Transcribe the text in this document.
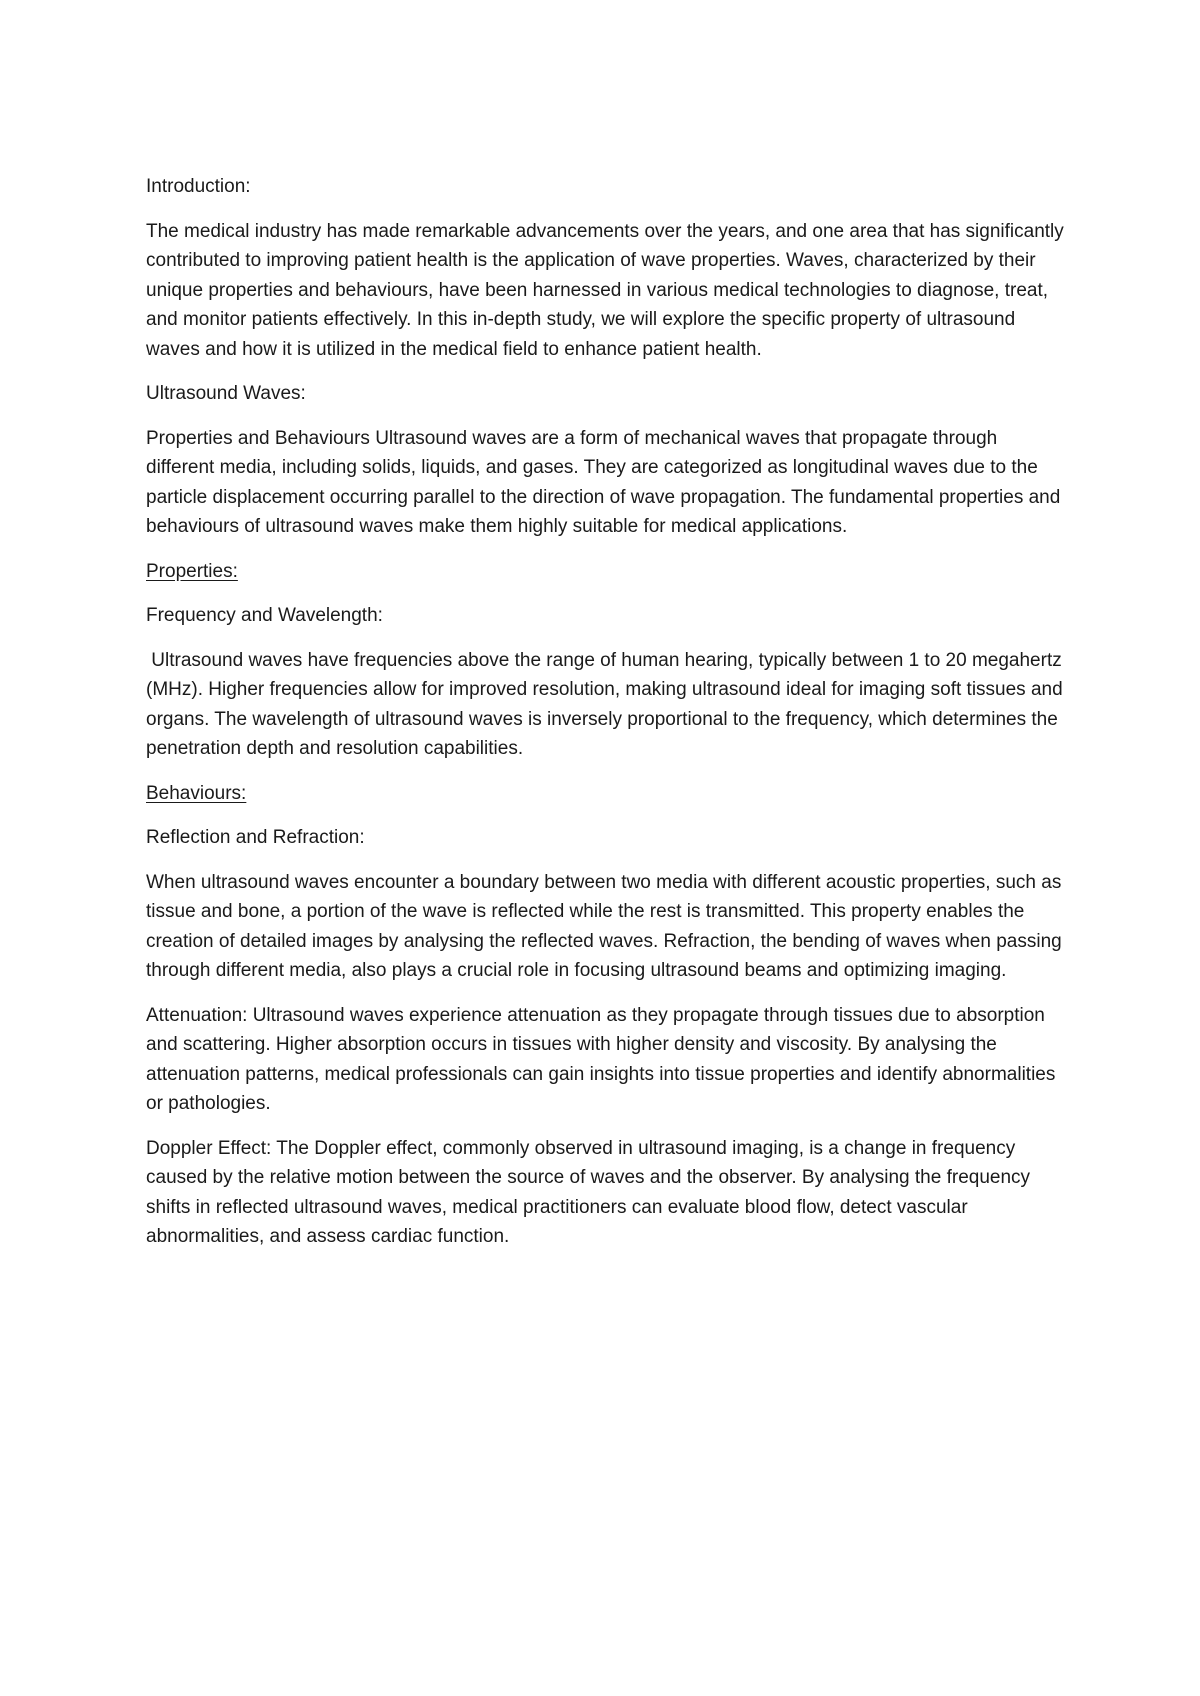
Introduction:

The medical industry has made remarkable advancements over the years, and one area that has significantly contributed to improving patient health is the application of wave properties. Waves, characterized by their unique properties and behaviours, have been harnessed in various medical technologies to diagnose, treat, and monitor patients effectively. In this in-depth study, we will explore the specific property of ultrasound waves and how it is utilized in the medical field to enhance patient health.

Ultrasound Waves:

Properties and Behaviours Ultrasound waves are a form of mechanical waves that propagate through different media, including solids, liquids, and gases. They are categorized as longitudinal waves due to the particle displacement occurring parallel to the direction of wave propagation. The fundamental properties and behaviours of ultrasound waves make them highly suitable for medical applications.

Properties:

Frequency and Wavelength:

Ultrasound waves have frequencies above the range of human hearing, typically between 1 to 20 megahertz (MHz). Higher frequencies allow for improved resolution, making ultrasound ideal for imaging soft tissues and organs. The wavelength of ultrasound waves is inversely proportional to the frequency, which determines the penetration depth and resolution capabilities.

Behaviours:

Reflection and Refraction:

When ultrasound waves encounter a boundary between two media with different acoustic properties, such as tissue and bone, a portion of the wave is reflected while the rest is transmitted. This property enables the creation of detailed images by analysing the reflected waves. Refraction, the bending of waves when passing through different media, also plays a crucial role in focusing ultrasound beams and optimizing imaging.

Attenuation: Ultrasound waves experience attenuation as they propagate through tissues due to absorption and scattering. Higher absorption occurs in tissues with higher density and viscosity. By analysing the attenuation patterns, medical professionals can gain insights into tissue properties and identify abnormalities or pathologies.

Doppler Effect: The Doppler effect, commonly observed in ultrasound imaging, is a change in frequency caused by the relative motion between the source of waves and the observer. By analysing the frequency shifts in reflected ultrasound waves, medical practitioners can evaluate blood flow, detect vascular abnormalities, and assess cardiac function.
